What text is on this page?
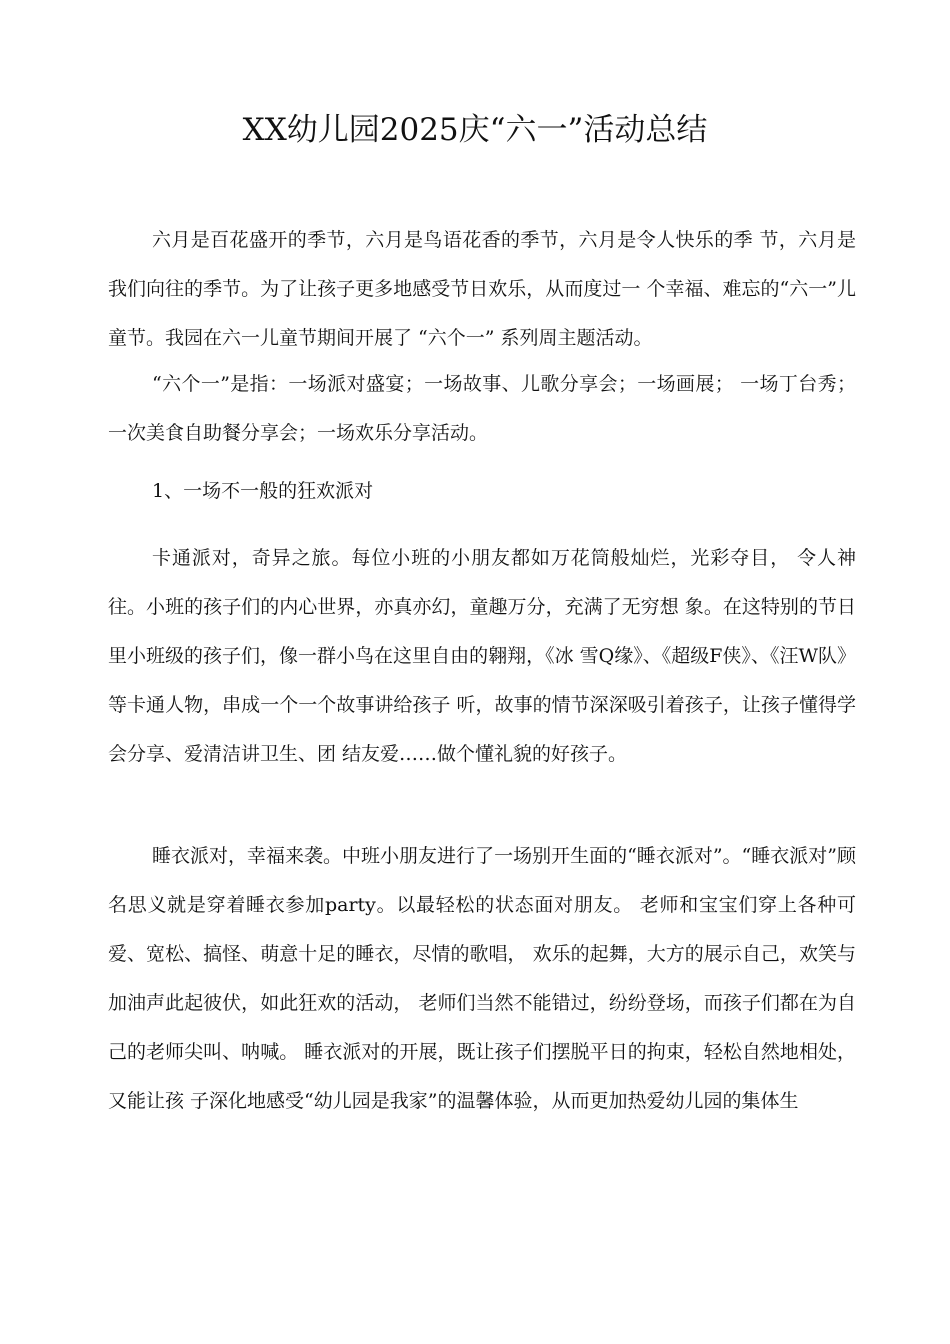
XX幼儿园2025庆“六一”活动总结

六月是百花盛开的季节，六月是鸟语花香的季节，六月是令人快乐的季 节，六月是我们向往的季节。为了让孩子更多地感受节日欢乐，从而度过一 个幸福、难忘的“六一”儿童节。我园在六一儿童节期间开展了 “六个一” 系列周主题活动。

“六个一”是指：一场派对盛宴；一场故事、儿歌分享会；一场画展； 一场丁台秀；一次美食自助餐分享会；一场欢乐分享活动。

1、一场不一般的狂欢派对

卡通派对，奇异之旅。每位小班的小朋友都如万花筒般灿烂，光彩夺目， 令人神往。小班的孩子们的内心世界，亦真亦幻，童趣万分，充满了无穷想 象。在这特别的节日里小班级的孩子们，像一群小鸟在这里自由的翱翔，《冰 雪Q缘》、《超级F侠》、《汪W队》等卡通人物，串成一个一个故事讲给孩子 听，故事的情节深深吸引着孩子，让孩子懂得学会分享、爱清洁讲卫生、团 结友爱……做个懂礼貌的好孩子。

睡衣派对，幸福来袭。中班小朋友进行了一场别开生面的“睡衣派对”。“睡衣派对”顾名思义就是穿着睡衣参加party。以最轻松的状态面对朋友。 老师和宝宝们穿上各种可爱、宽松、搞怪、萌意十足的睡衣，尽情的歌唱， 欢乐的起舞，大方的展示自己，欢笑与加油声此起彼伏，如此狂欢的活动， 老师们当然不能错过，纷纷登场，而孩子们都在为自己的老师尖叫、呐喊。 睡衣派对的开展，既让孩子们摆脱平日的拘束，轻松自然地相处，又能让孩 子深化地感受“幼儿园是我家”的温馨体验，从而更加热爱幼儿园的集体生
